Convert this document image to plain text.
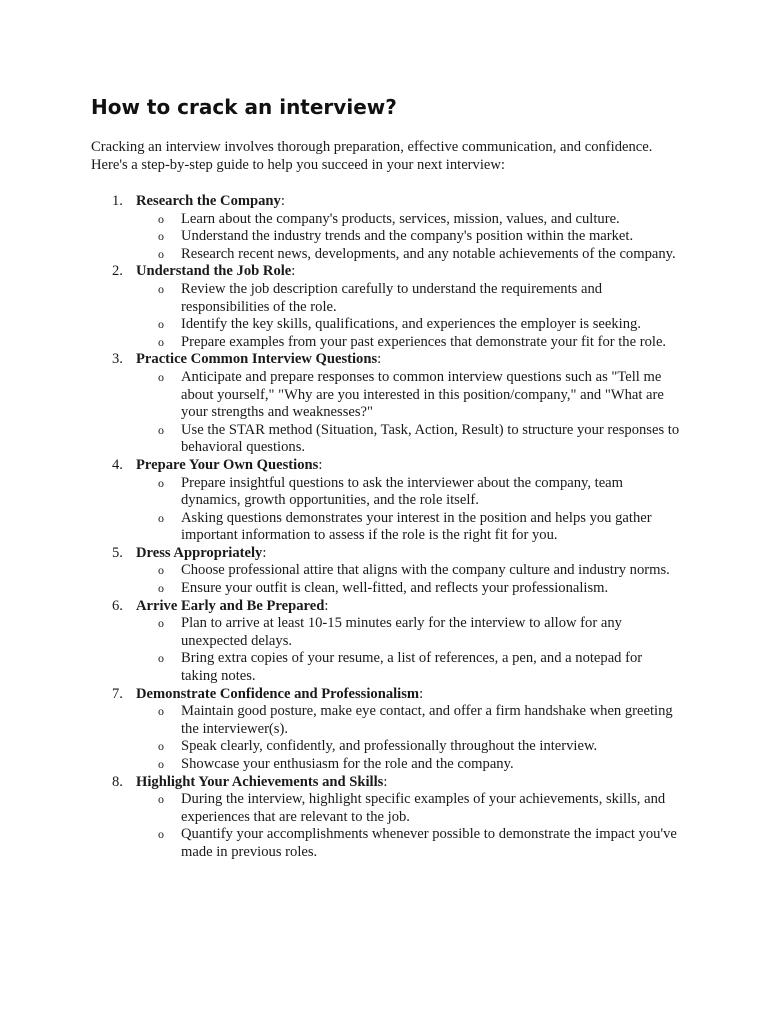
How to crack an interview?

Cracking an interview involves thorough preparation, effective communication, and confidence. Here's a step-by-step guide to help you succeed in your next interview:

1. Research the Company:
o Learn about the company's products, services, mission, values, and culture.
o Understand the industry trends and the company's position within the market.
o Research recent news, developments, and any notable achievements of the company.
2. Understand the Job Role:
o Review the job description carefully to understand the requirements and responsibilities of the role.
o Identify the key skills, qualifications, and experiences the employer is seeking.
o Prepare examples from your past experiences that demonstrate your fit for the role.
3. Practice Common Interview Questions:
o Anticipate and prepare responses to common interview questions such as "Tell me about yourself," "Why are you interested in this position/company," and "What are your strengths and weaknesses?"
o Use the STAR method (Situation, Task, Action, Result) to structure your responses to behavioral questions.
4. Prepare Your Own Questions:
o Prepare insightful questions to ask the interviewer about the company, team dynamics, growth opportunities, and the role itself.
o Asking questions demonstrates your interest in the position and helps you gather important information to assess if the role is the right fit for you.
5. Dress Appropriately:
o Choose professional attire that aligns with the company culture and industry norms.
o Ensure your outfit is clean, well-fitted, and reflects your professionalism.
6. Arrive Early and Be Prepared:
o Plan to arrive at least 10-15 minutes early for the interview to allow for any unexpected delays.
o Bring extra copies of your resume, a list of references, a pen, and a notepad for taking notes.
7. Demonstrate Confidence and Professionalism:
o Maintain good posture, make eye contact, and offer a firm handshake when greeting the interviewer(s).
o Speak clearly, confidently, and professionally throughout the interview.
o Showcase your enthusiasm for the role and the company.
8. Highlight Your Achievements and Skills:
o During the interview, highlight specific examples of your achievements, skills, and experiences that are relevant to the job.
o Quantify your accomplishments whenever possible to demonstrate the impact you've made in previous roles.
